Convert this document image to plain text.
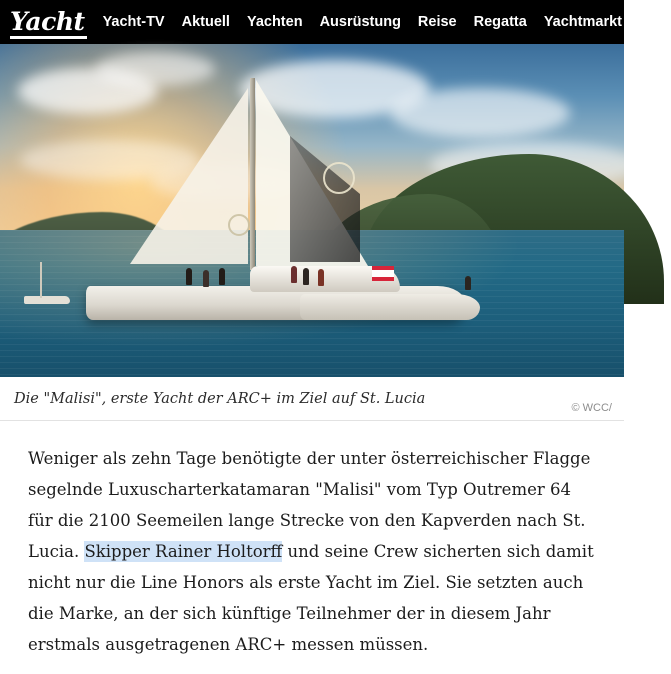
Yacht Yacht-TV Aktuell Yachten Ausrüstung Reise Regatta Yachtmarkt Ratg
Die "Malisi", erste Yacht der ARC+ im Ziel auf St. Lucia
© WCC/

Weniger als zehn Tage benötigte der unter österreichischer Flagge segelnde Luxuscharterkatamaran "Malisi" vom Typ Outremer 64 für die 2100 Seemeilen lange Strecke von den Kapverden nach St. Lucia. Skipper Rainer Holtorff und seine Crew sicherten sich damit nicht nur die Line Honors als erste Yacht im Ziel. Sie setzten auch die Marke, an der sich künftige Teilnehmer der in diesem Jahr erstmals ausgetragenen ARC+ messen müssen.
